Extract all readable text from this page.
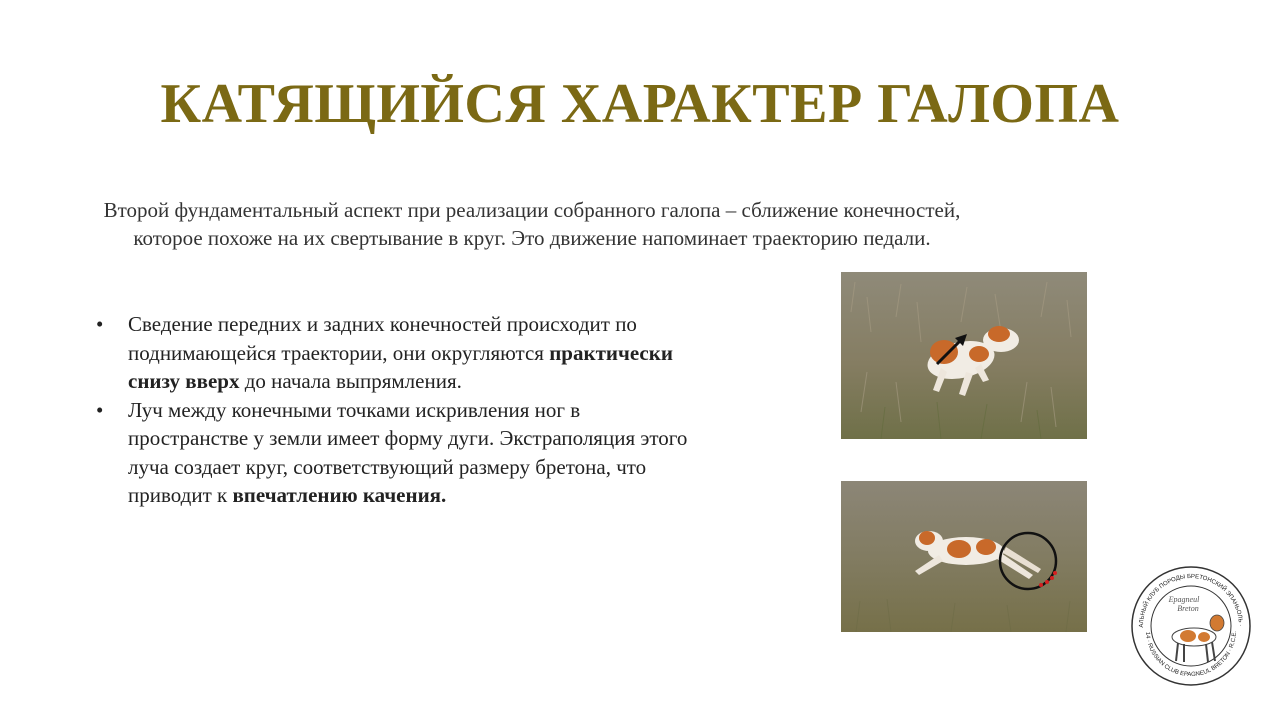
КАТЯЩИЙСЯ ХАРАКТЕР ГАЛОПА

Второй фундаментальный аспект при реализации собранного галопа – сближение конечностей, которое похоже на их свертывание в круг. Это движение напоминает траекторию педали.

• Сведение передних и задних конечностей происходит по поднимающейся траектории, они округляются практически снизу вверх до начала выпрямления.
• Луч между конечными точками искривления ног в пространстве у земли имеет форму дуги. Экстраполяция этого луча создает круг, соответствующий размеру бретона, что приводит к впечатлению качения.
АЛЬНЫЙ КЛУБ ПОРОДЫ БРЕТОНСКИЙ ЭПАНЬОЛЬ ·
14 · RUSSIAN CLUB EPAGNEUL BRETON · R.C.E.
Epagneul
Breton
